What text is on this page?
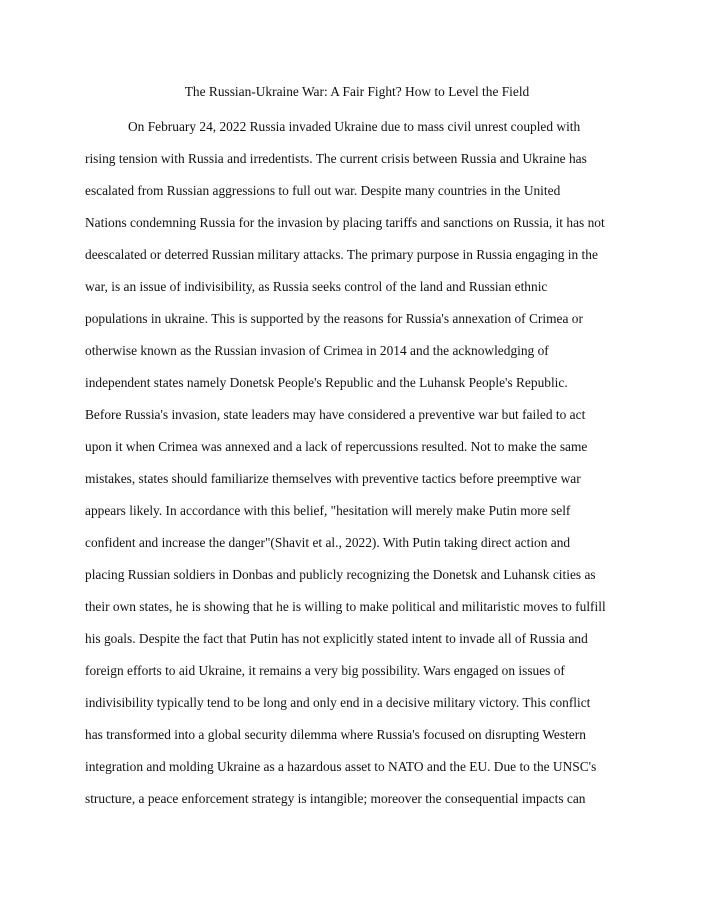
The Russian-Ukraine War: A Fair Fight? How to Level the Field
On February 24, 2022 Russia invaded Ukraine due to mass civil unrest coupled with
rising tension with Russia and irredentists. The current crisis between Russia and Ukraine has
escalated from Russian aggressions to full out war. Despite many countries in the United
Nations condemning Russia for the invasion by placing tariffs and sanctions on Russia, it has not
deescalated or deterred Russian military attacks. The primary purpose in Russia engaging in the
war, is an issue of indivisibility, as Russia seeks control of the land and Russian ethnic
populations in ukraine. This is supported by the reasons for Russia's annexation of Crimea or
otherwise known as the Russian invasion of Crimea in 2014 and the acknowledging of
independent states namely Donetsk People's Republic and the Luhansk People's Republic.
Before Russia's invasion, state leaders may have considered a preventive war but failed to act
upon it when Crimea was annexed and a lack of repercussions resulted. Not to make the same
mistakes, states should familiarize themselves with preventive tactics before preemptive war
appears likely. In accordance with this belief, "hesitation will merely make Putin more self
confident and increase the danger"(Shavit et al., 2022). With Putin taking direct action and
placing Russian soldiers in Donbas and publicly recognizing the Donetsk and Luhansk cities as
their own states, he is showing that he is willing to make political and militaristic moves to fulfill
his goals. Despite the fact that Putin has not explicitly stated intent to invade all of Russia and
foreign efforts to aid Ukraine, it remains a very big possibility. Wars engaged on issues of
indivisibility typically tend to be long and only end in a decisive military victory. This conflict
has transformed into a global security dilemma where Russia's focused on disrupting Western
integration and molding Ukraine as a hazardous asset to NATO and the EU. Due to the UNSC's
structure, a peace enforcement strategy is intangible; moreover the consequential impacts can
